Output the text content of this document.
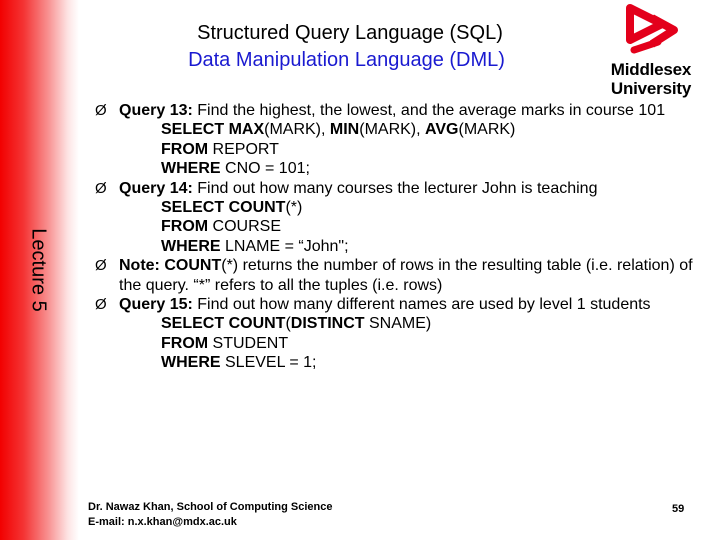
Lecture 5
Structured Query Language (SQL)
Data Manipulation Language (DML)	Middlesex
University
Ø Query 13: Find the highest, the lowest, and the average marks in course 101
SELECT MAX(MARK), MIN(MARK), AVG(MARK)
FROM REPORT
WHERE CNO = 101;
Ø Query 14: Find out how many courses the lecturer John is teaching
SELECT COUNT(*)
FROM COURSE
WHERE LNAME = “John";
Ø Note: COUNT(*) returns the number of rows in the resulting table (i.e. relation) of the query. “*” refers to all the tuples (i.e. rows)
Ø Query 15: Find out how many different names are used by level 1 students
SELECT COUNT(DISTINCT SNAME)
FROM STUDENT
WHERE SLEVEL = 1;
Dr. Nawaz Khan, School of Computing Science
E-mail: n.x.khan@mdx.ac.uk
59
